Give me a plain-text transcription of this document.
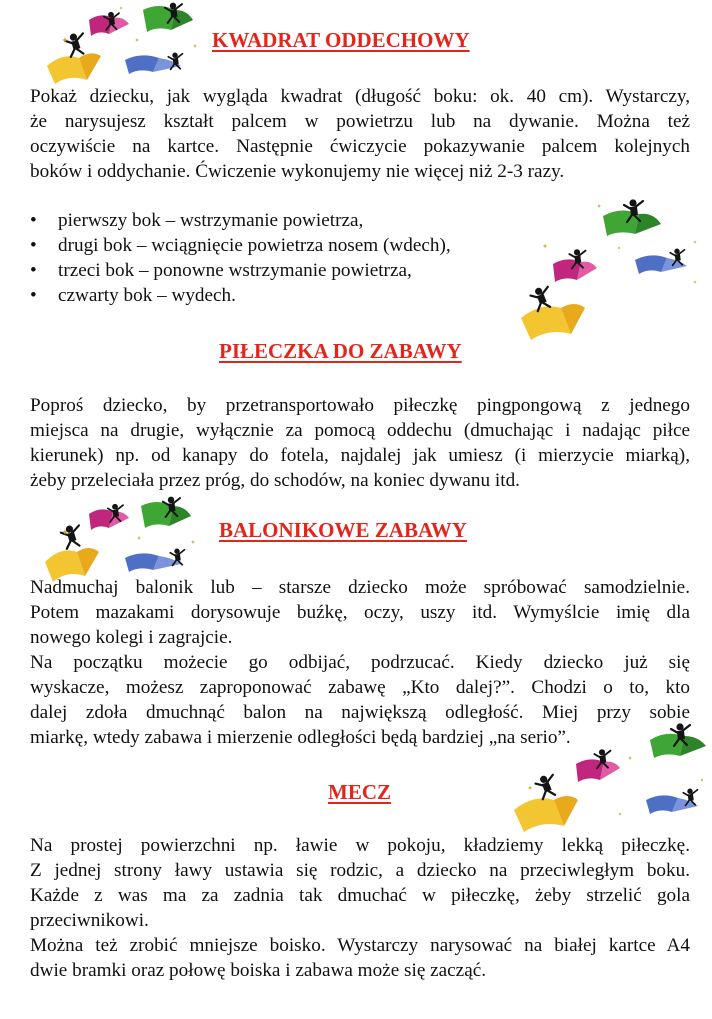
KWADRAT ODDECHOWY
Pokaż dziecku, jak wygląda kwadrat (długość boku: ok. 40 cm). Wystarczy,
że narysujesz kształt palcem w powietrzu lub na dywanie. Można też
oczywiście na kartce. Następnie ćwiczycie pokazywanie palcem kolejnych
boków i oddychanie. Ćwiczenie wykonujemy nie więcej niż 2-3 razy.
• pierwszy bok – wstrzymanie powietrza,
• drugi bok – wciągnięcie powietrza nosem (wdech),
• trzeci bok – ponowne wstrzymanie powietrza,
• czwarty bok – wydech.
PIŁECZKA DO ZABAWY
Poproś dziecko, by przetransportowało piłeczkę pingpongową z jednego
miejsca na drugie, wyłącznie za pomocą oddechu (dmuchając i nadając piłce
kierunek) np. od kanapy do fotela, najdalej jak umiesz (i mierzycie miarką),
żeby przeleciała przez próg, do schodów, na koniec dywanu itd.
BALONIKOWE ZABAWY
Nadmuchaj balonik lub – starsze dziecko może spróbować samodzielnie.
Potem mazakami dorysowuje buźkę, oczy, uszy itd. Wymyślcie imię dla
nowego kolegi i zagrajcie.
Na początku możecie go odbijać, podrzucać. Kiedy dziecko już się
wyskacze, możesz zaproponować zabawę „Kto dalej?”. Chodzi o to, kto
dalej zdoła dmuchnąć balon na największą odległość. Miej przy sobie
miarkę, wtedy zabawa i mierzenie odległości będą bardziej „na serio”.
MECZ
Na prostej powierzchni np. ławie w pokoju, kładziemy lekką piłeczkę.
Z jednej strony ławy ustawia się rodzic, a dziecko na przeciwległym boku.
Każde z was ma za zadnia tak dmuchać w piłeczkę, żeby strzelić gola
przeciwnikowi.
Można też zrobić mniejsze boisko. Wystarczy narysować na białej kartce A4
dwie bramki oraz połowę boiska i zabawa może się zacząć.
